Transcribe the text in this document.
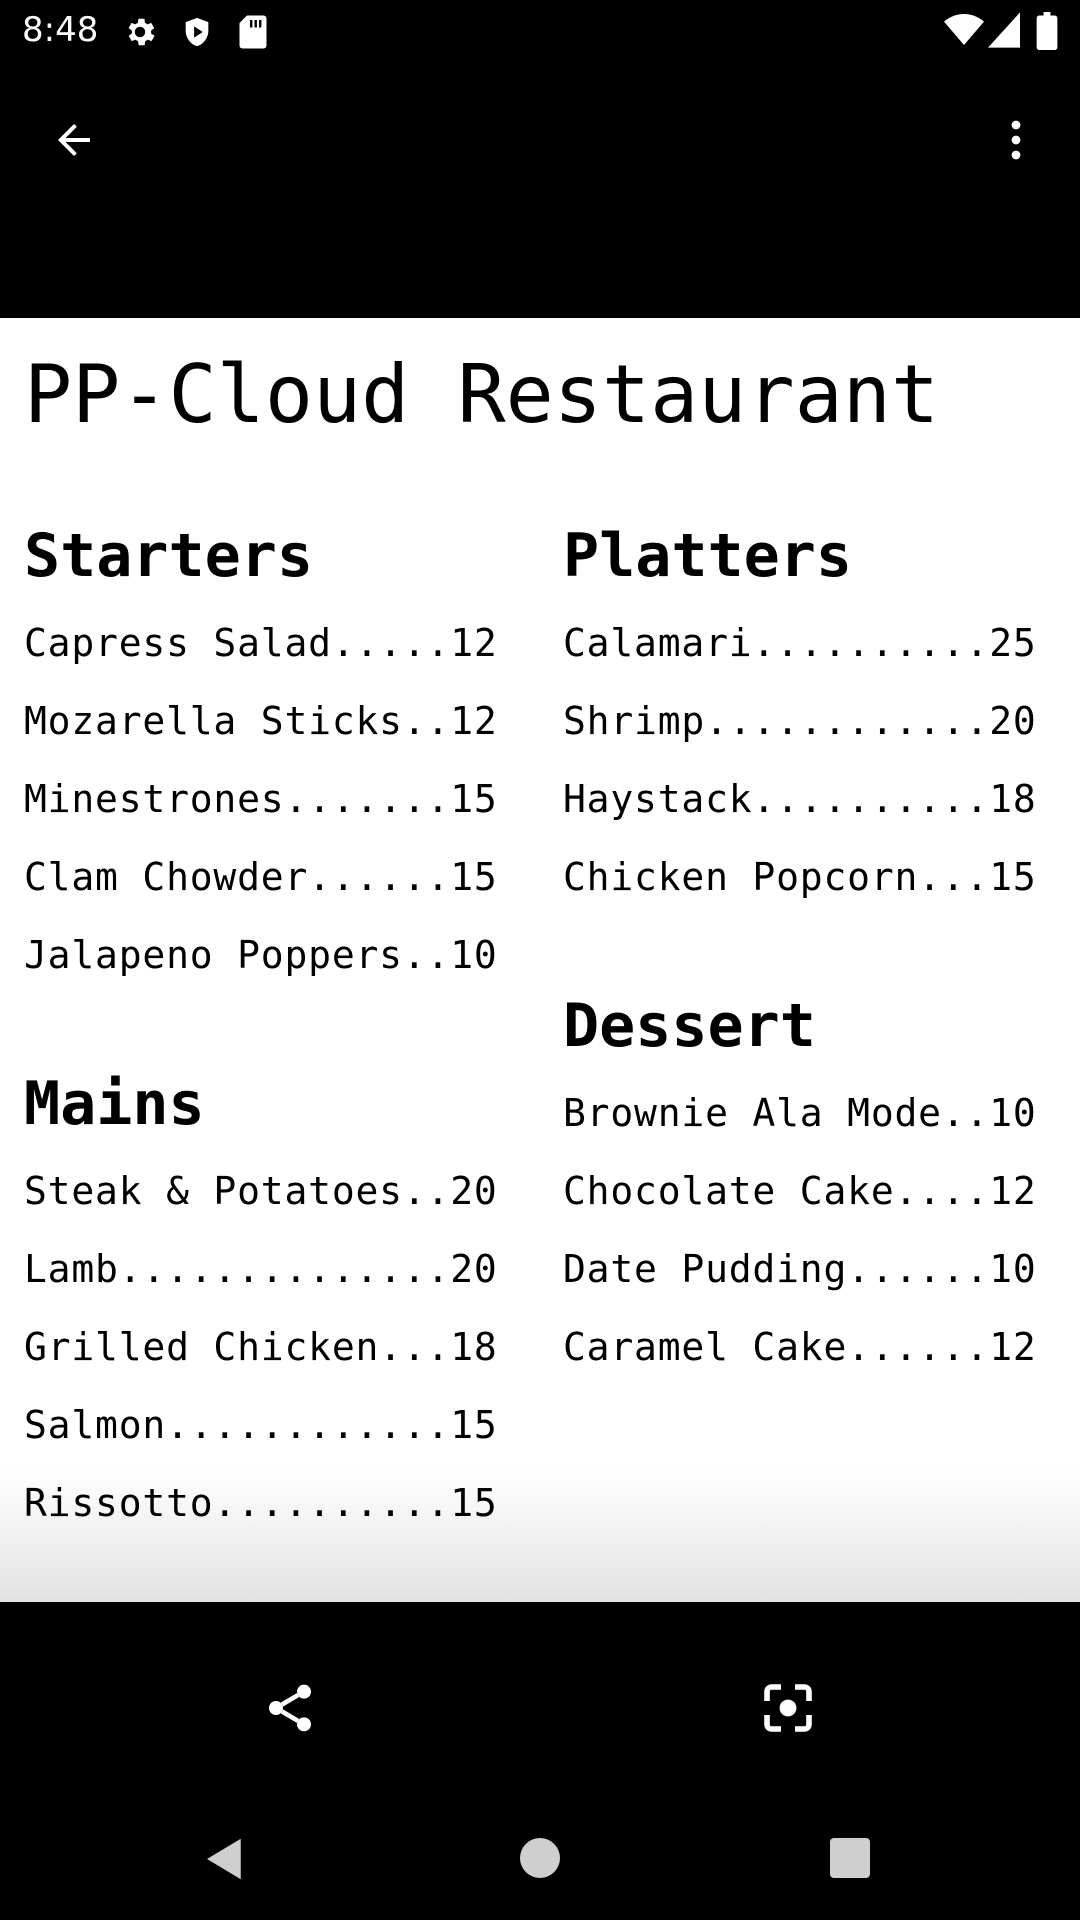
8:48
PP-Cloud Restaurant
Starters
Capress Salad.....12
Mozarella Sticks..12
Minestrones.......15
Clam Chowder......15
Jalapeno Poppers..10
Platters
Calamari..........25
Shrimp............20
Haystack..........18
Chicken Popcorn...15
Mains
Steak & Potatoes..20
Lamb..............20
Grilled Chicken...18
Salmon............15
Rissotto..........15
Dessert
Brownie Ala Mode..10
Chocolate Cake....12
Date Pudding......10
Caramel Cake......12
